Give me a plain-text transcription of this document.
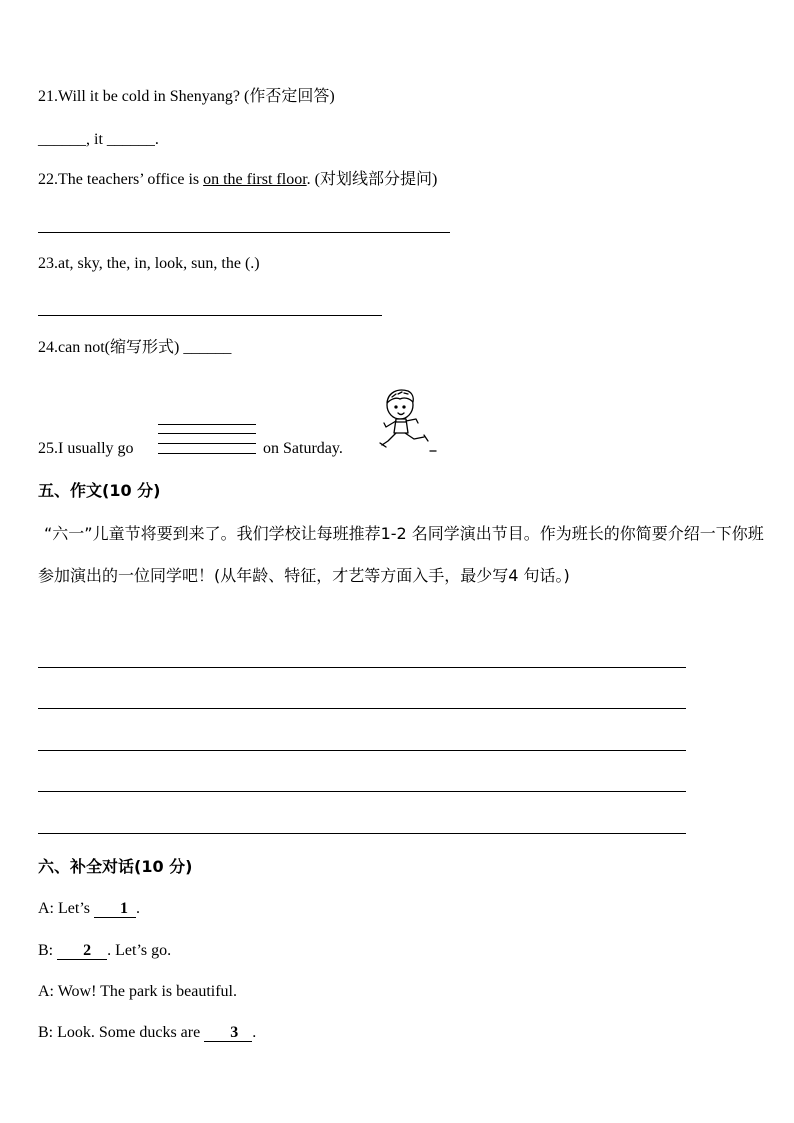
21.Will it be cold in Shenyang? (作否定回答)
______, it ______.
22.The teachers’ office is on the first floor. (对划线部分提问)
23.at, sky, the, in, look, sun, the (.)
24.can not(缩写形式) ______
25.I usually go	on Saturday.
五、作文(10 分)
“六一”儿童节将要到来了。我们学校让每班推荐1-2 名同学演出节目。作为班长的你简要介绍一下你班参加演出的一位同学吧！(从年龄、特征，才艺等方面入手，最少写4 句话。)
六、补全对话(10 分)
A: Let’s 1 .
B: 2 . Let’s go.
A: Wow! The park is beautiful.
B: Look. Some ducks are 3 .
